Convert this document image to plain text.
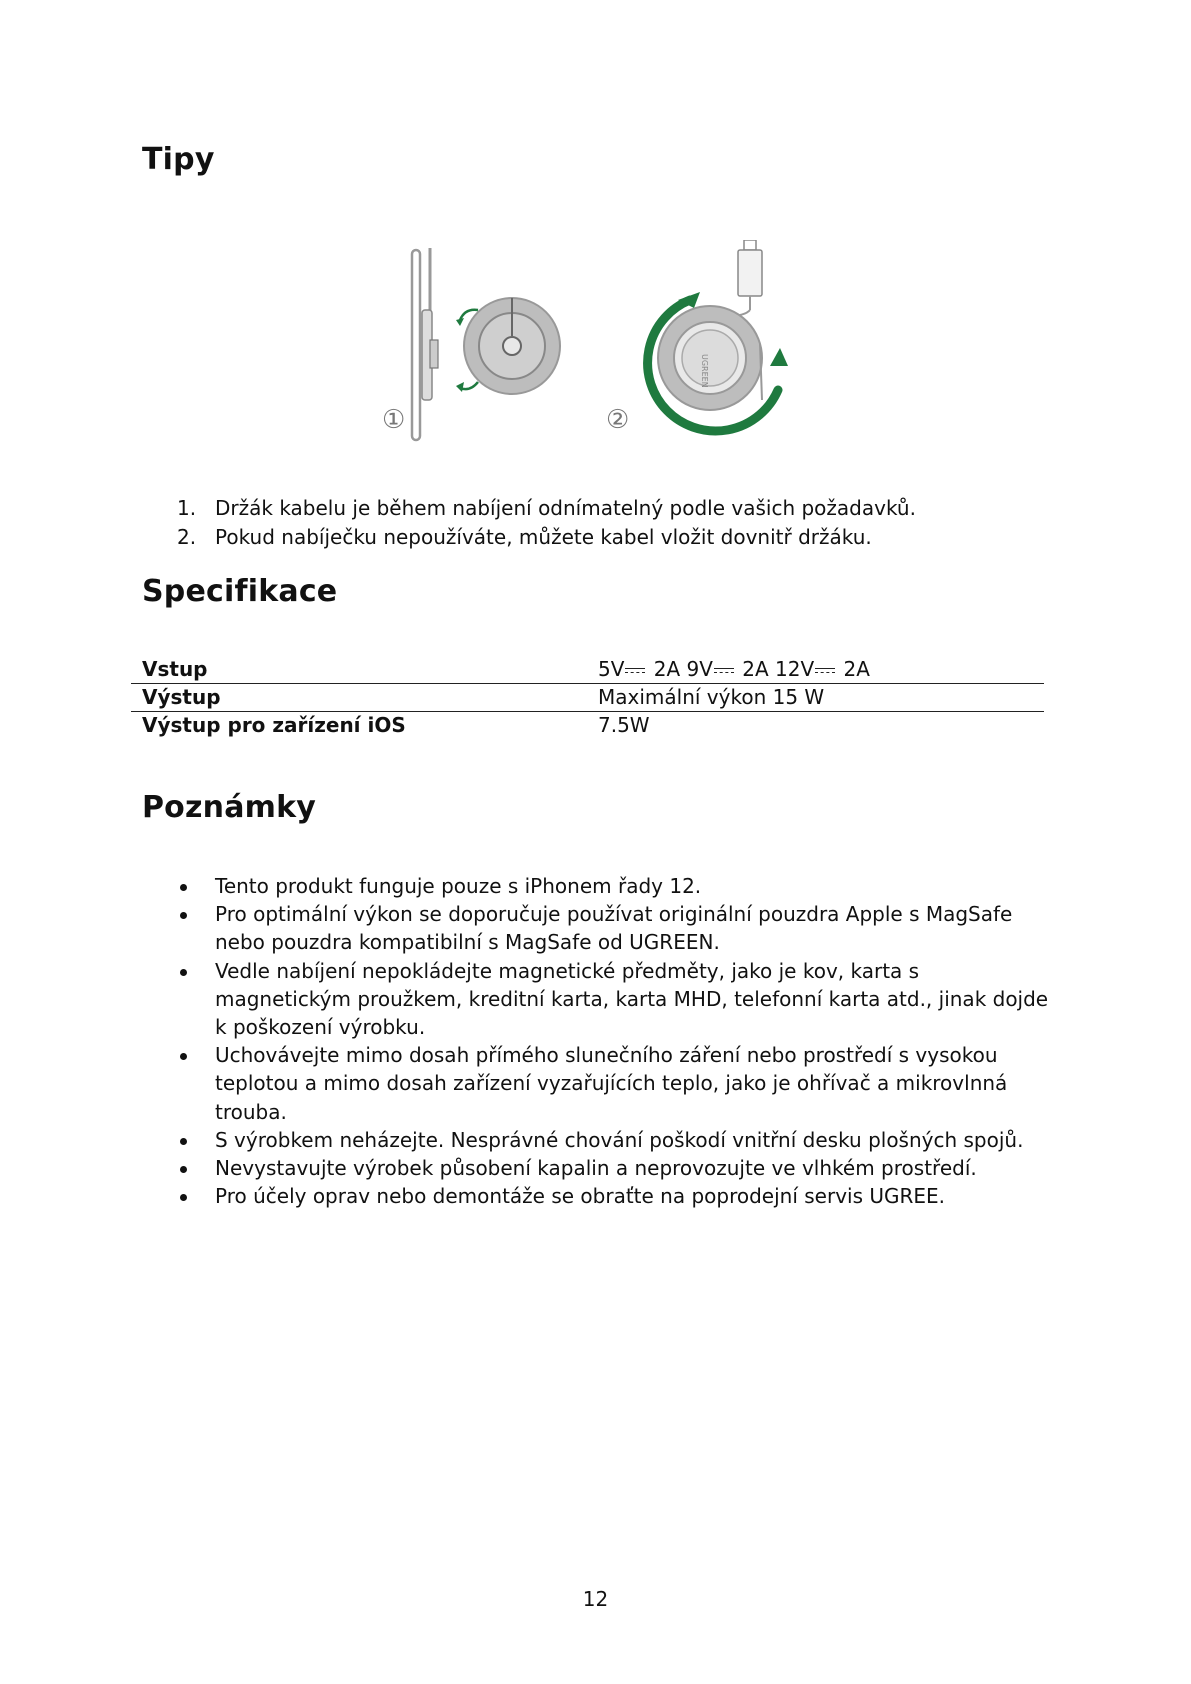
Tipy
①
UGREEN
②
1. Držák kabelu je během nabíjení odnímatelný podle vašich požadavků.
2. Pokud nabíječku nepoužíváte, můžete kabel vložit dovnitř držáku.
Specifikace
Vstup	5V 2A 9V 2A 12V 2A
Výstup	Maximální výkon 15 W
Výstup pro zařízení iOS	7.5W
Poznámky
Tento produkt funguje pouze s iPhonem řady 12.
Pro optimální výkon se doporučuje používat originální pouzdra Apple s MagSafe nebo pouzdra kompatibilní s MagSafe od UGREEN.
Vedle nabíjení nepokládejte magnetické předměty, jako je kov, karta s magnetickým proužkem, kreditní karta, karta MHD, telefonní karta atd., jinak dojde k poškození výrobku.
Uchovávejte mimo dosah přímého slunečního záření nebo prostředí s vysokou teplotou a mimo dosah zařízení vyzařujících teplo, jako je ohřívač a mikrovlnná trouba.
S výrobkem neházejte. Nesprávné chování poškodí vnitřní desku plošných spojů.
Nevystavujte výrobek působení kapalin a neprovozujte ve vlhkém prostředí.
Pro účely oprav nebo demontáže se obraťte na poprodejní servis UGREE.
12
